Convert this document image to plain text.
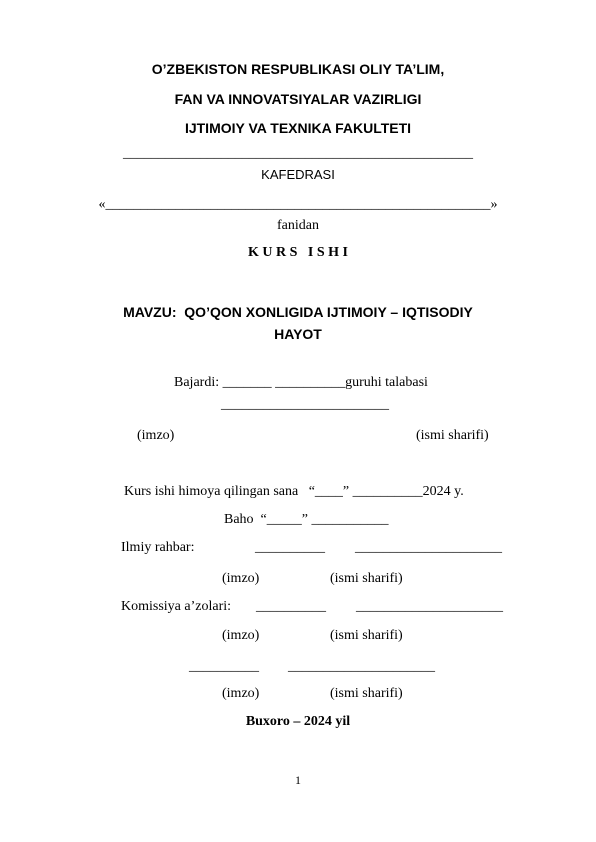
O’ZBEKISTON RESPUBLIKASI OLIY TA’LIM,
FAN VA INNOVATSIYALAR VAZIRLIGI
IJTIMOIY VA TEXNIKA FAKULTETI
__________________________________________________
KAFEDRASI
«_______________________________________________________»
fanidan
K U R S   I S H I
MAVZU:  QO’QON XONLIGIDA IJTIMOIY – IQTISODIY
HAYOT
Bajardi: _______ __________guruhi talabasi
________________________
(imzo)	(ismi sharifi)
Kurs ishi himoya qilingan sana   “____” __________2024 y.
Baho  “_____” ___________
Ilmiy rahbar:	__________ _____________________
(imzo)	(ismi sharifi)
Komissiya a’zolari: __________ _____________________
(imzo)	(ismi sharifi)
__________ _____________________
(imzo)	(ismi sharifi)
Buxoro – 2024 yil
1
